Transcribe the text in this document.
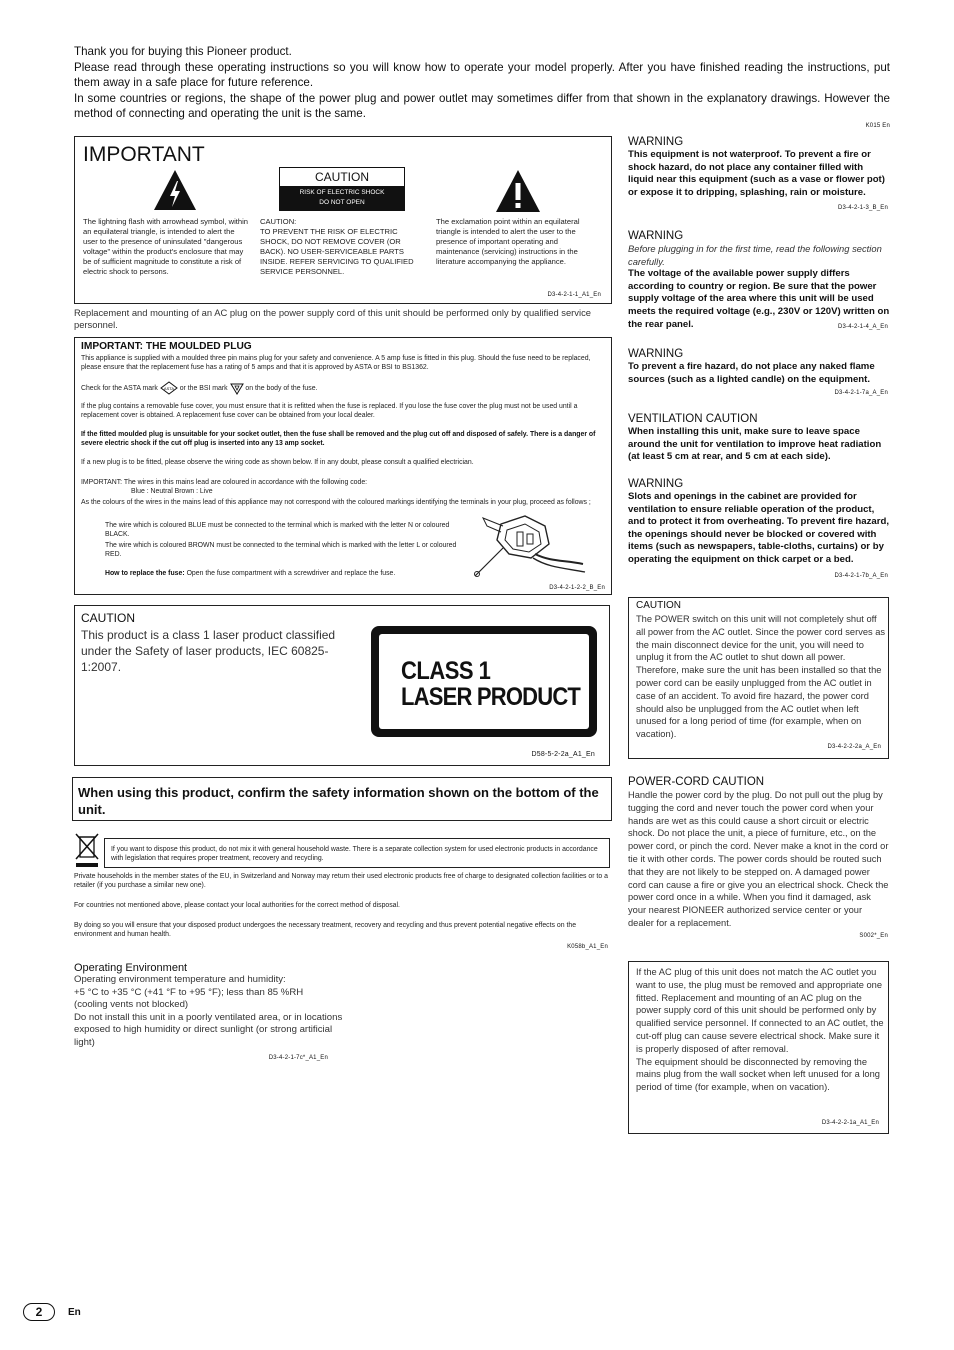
Thank you for buying this Pioneer product.

Please read through these operating instructions so you will know how to operate your model properly. After you have finished reading the instructions, put them away in a safe place for future reference.

In some countries or regions, the shape of the power plug and power outlet may sometimes differ from that shown in the explanatory drawings. However the method of connecting and operating the unit is the same.

K015 En
IMPORTANT
CAUTION
RISK OF ELECTRIC SHOCK
DO NOT OPEN
The lightning flash with arrowhead symbol, within an equilateral triangle, is intended to alert the user to the presence of uninsulated "dangerous voltage" within the product's enclosure that may be of sufficient magnitude to constitute a risk of electric shock to persons.
CAUTION:
TO PREVENT THE RISK OF ELECTRIC SHOCK, DO NOT REMOVE COVER (OR BACK). NO USER-SERVICEABLE PARTS INSIDE. REFER SERVICING TO QUALIFIED SERVICE PERSONNEL.
The exclamation point within an equilateral triangle is intended to alert the user to the presence of important operating and maintenance (servicing) instructions in the literature accompanying the appliance.
D3-4-2-1-1_A1_En
Replacement and mounting of an AC plug on the power supply cord of this unit should be performed only by qualified service personnel.
IMPORTANT: THE MOULDED PLUG
This appliance is supplied with a moulded three pin mains plug for your safety and convenience. A 5 amp fuse is fitted in this plug. Should the fuse need to be replaced, please ensure that the replacement fuse has a rating of 5 amps and that it is approved by ASTA or BSI to BS1362.
Check for the ASTA mark ASTA or the BSI mark	on the body of the fuse.
If the plug contains a removable fuse cover, you must ensure that it is refitted when the fuse is replaced. If you lose the fuse cover the plug must not be used until a replacement cover is obtained. A replacement fuse cover can be obtained from your local dealer.
If the fitted moulded plug is unsuitable for your socket outlet, then the fuse shall be removed and the plug cut off and disposed of safely. There is a danger of severe electric shock if the cut off plug is inserted into any 13 amp socket.
If a new plug is to be fitted, please observe the wiring code as shown below. If in any doubt, please consult a qualified electrician.
IMPORTANT: The wires in this mains lead are coloured in accordance with the following code:
Blue : Neutral Brown : Live
As the colours of the wires in the mains lead of this appliance may not correspond with the coloured markings identifying the terminals in your plug, proceed as follows ;
The wire which is coloured BLUE must be connected to the terminal which is marked with the letter N or coloured BLACK.
The wire which is coloured BROWN must be connected to the terminal which is marked with the letter L or coloured RED.
How to replace the fuse: Open the fuse compartment with a screwdriver and replace the fuse.
D3-4-2-1-2-2_B_En
CAUTION
This product is a class 1 laser product classified under the Safety of laser products, IEC 60825-1:2007.	CLASS 1
LASER PRODUCT
D58-5-2-2a_A1_En
When using this product, confirm the safety information shown on the bottom of the unit.
If you want to dispose this product, do not mix it with general household waste. There is a separate collection system for used electronic products in accordance with legislation that requires proper treatment, recovery and recycling.
Private households in the member states of the EU, in Switzerland and Norway may return their used electronic products free of charge to designated collection facilities or to a retailer (if you purchase a similar new one).
For countries not mentioned above, please contact your local authorities for the correct method of disposal.
By doing so you will ensure that your disposed product undergoes the necessary treatment, recovery and recycling and thus prevent potential negative effects on the environment and human health.
K058b_A1_En
Operating Environment
Operating environment temperature and humidity:
+5 °C to +35 °C (+41 °F to +95 °F); less than 85 %RH
(cooling vents not blocked)
Do not install this unit in a poorly ventilated area, or in locations exposed to high humidity or direct sunlight (or strong artificial light)
D3-4-2-1-7c*_A1_En
WARNING
This equipment is not waterproof. To prevent a fire or shock hazard, do not place any container filled with liquid near this equipment (such as a vase or flower pot) or expose it to dripping, splashing, rain or moisture.
D3-4-2-1-3_B_En
WARNING
Before plugging in for the first time, read the following section carefully.
The voltage of the available power supply differs according to country or region. Be sure that the power supply voltage of the area where this unit will be used meets the required voltage (e.g., 230V or 120V) written on the rear panel.	D3-4-2-1-4_A_En
WARNING
To prevent a fire hazard, do not place any naked flame sources (such as a lighted candle) on the equipment.
D3-4-2-1-7a_A_En
VENTILATION CAUTION
When installing this unit, make sure to leave space around the unit for ventilation to improve heat radiation (at least 5 cm at rear, and 5 cm at each side).
WARNING
Slots and openings in the cabinet are provided for ventilation to ensure reliable operation of the product, and to protect it from overheating. To prevent fire hazard, the openings should never be blocked or covered with items (such as newspapers, table-cloths, curtains) or by operating the equipment on thick carpet or a bed.
D3-4-2-1-7b_A_En
CAUTION
The POWER switch on this unit will not completely shut off all power from the AC outlet. Since the power cord serves as the main disconnect device for the unit, you will need to unplug it from the AC outlet to shut down all power. Therefore, make sure the unit has been installed so that the power cord can be easily unplugged from the AC outlet in case of an accident. To avoid fire hazard, the power cord should also be unplugged from the AC outlet when left unused for a long period of time (for example, when on vacation).
D3-4-2-2-2a_A_En
POWER-CORD CAUTION
Handle the power cord by the plug. Do not pull out the plug by tugging the cord and never touch the power cord when your hands are wet as this could cause a short circuit or electric shock. Do not place the unit, a piece of furniture, etc., on the power cord, or pinch the cord. Never make a knot in the cord or tie it with other cords. The power cords should be routed such that they are not likely to be stepped on. A damaged power cord can cause a fire or give you an electrical shock. Check the power cord once in a while. When you find it damaged, ask your nearest PIONEER authorized service center or your dealer for a replacement.
S002*_En
If the AC plug of this unit does not match the AC outlet you want to use, the plug must be removed and appropriate one fitted. Replacement and mounting of an AC plug on the power supply cord of this unit should be performed only by qualified service personnel. If connected to an AC outlet, the cut-off plug can cause severe electrical shock. Make sure it is properly disposed of after removal.
The equipment should be disconnected by removing the mains plug from the wall socket when left unused for a long period of time (for example, when on vacation).
D3-4-2-2-1a_A1_En
2	En
